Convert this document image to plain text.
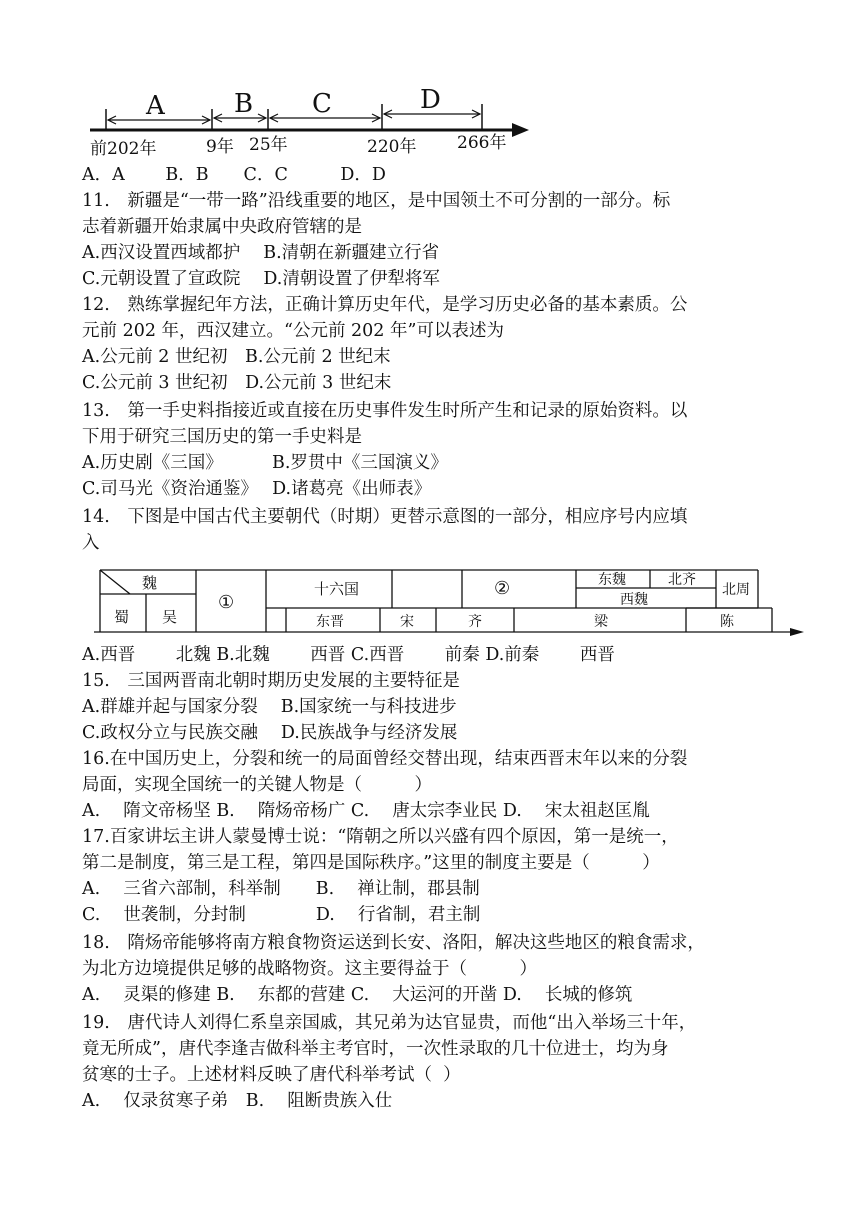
A	B C	D
前202年	9年 25年	220年 266年
A．A　　 B．B　　C．C　　　D．D
11.　新疆是“一带一路”沿线重要的地区，是中国领土不可分割的一部分。标
志着新疆开始隶属中央政府管辖的是
A.西汉设置西域都护　 B.清朝在新疆建立行省
C.元朝设置了宣政院　 D.清朝设置了伊犁将军
12.　熟练掌握纪年方法，正确计算历史年代，是学习历史必备的基本素质。公
元前 202 年，西汉建立。“公元前 202 年”可以表述为
A.公元前 2 世纪初　B.公元前 2 世纪末
C.公元前 3 世纪初　D.公元前 3 世纪末
13.　第一手史料指接近或直接在历史事件发生时所产生和记录的原始资料。以
下用于研究三国历史的第一手史料是
A.历史剧《三国》　　　 B.罗贯中《三国演义》
C.司马光《资治通鉴》　 D.诸葛亮《出师表》
14.　下图是中国古代主要朝代（时期）更替示意图的一部分，相应序号内应填
入
魏
蜀 吴
①
十六国	②	东魏	北齐
西魏
北周
东晋	宋	齐	梁	陈
A.西晋　　 北魏 B.北魏　　 西晋 C.西晋　　 前秦 D.前秦　　 西晋
15.　三国两晋南北朝时期历史发展的主要特征是
A.群雄并起与国家分裂　 B.国家统一与科技进步
C.政权分立与民族交融　 D.民族战争与经济发展
16.在中国历史上，分裂和统一的局面曾经交替出现，结束西晋末年以来的分裂
局面，实现全国统一的关键人物是（　　　）
A.　 隋文帝杨坚 B.　 隋炀帝杨广 C.　 唐太宗李业民 D.　 宋太祖赵匡胤
17.百家讲坛主讲人蒙曼博士说：“隋朝之所以兴盛有四个原因，第一是统一，
第二是制度，第三是工程，第四是国际秩序。”这里的制度主要是（　　　）
A.　 三省六部制，科举制　　B.　 禅让制，郡县制
C.　 世袭制，分封制　　　　D.　 行省制，君主制
18.　隋炀帝能够将南方粮食物资运送到长安、洛阳，解决这些地区的粮食需求，
为北方边境提供足够的战略物资。这主要得益于（　　　）
A.　 灵渠的修建 B.　 东都的营建 C.　 大运河的开凿 D.　 长城的修筑
19.　唐代诗人刘得仁系皇亲国戚，其兄弟为达官显贵，而他“出入举场三十年，
竟无所成”，唐代李逢吉做科举主考官时，一次性录取的几十位进士，均为身
贫寒的士子。上述材料反映了唐代科举考试（  ）
A.　 仅录贫寒子弟　B.　 阻断贵族入仕
